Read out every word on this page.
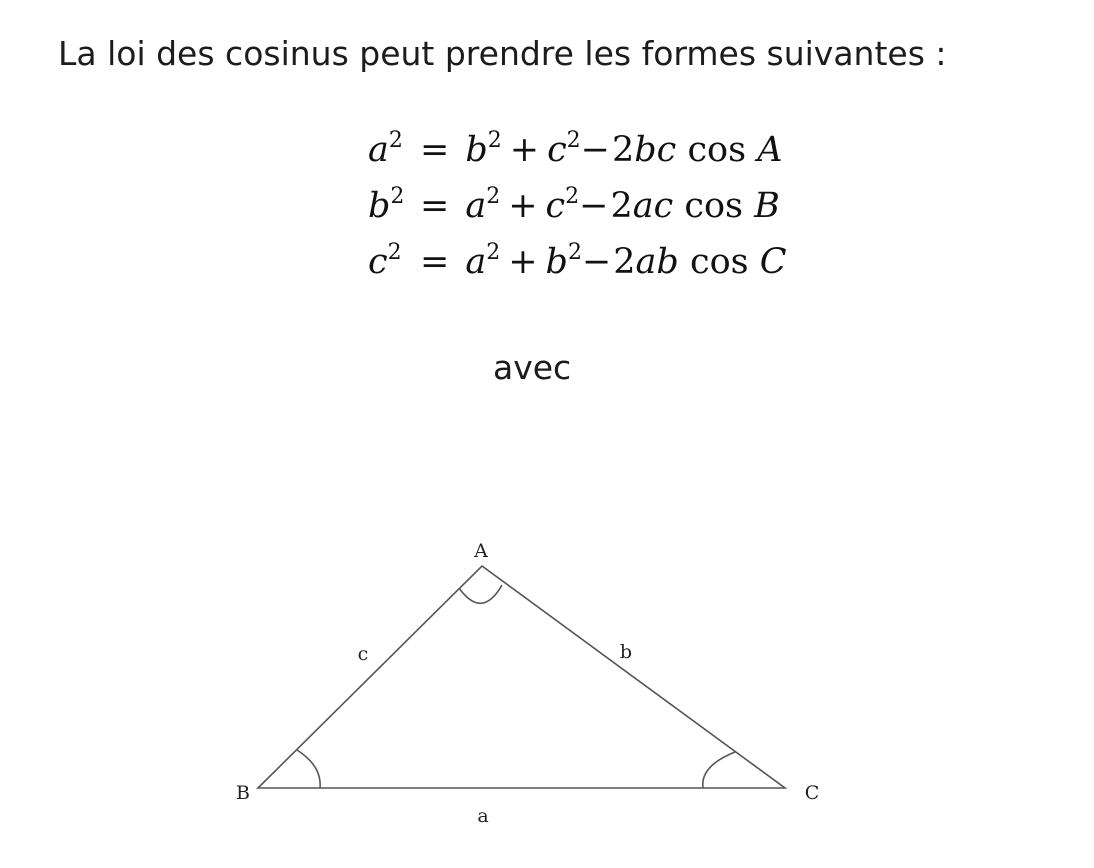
La loi des cosinus peut prendre les formes suivantes :

$a^2 = b^2 + c^2-2bc$ cos A
$b^2 = a^2 + c^2-2ac$ cos B
$c^2 = a^2 + b^2-2ab$ cos C

avec

A
B	C
a
b
c
